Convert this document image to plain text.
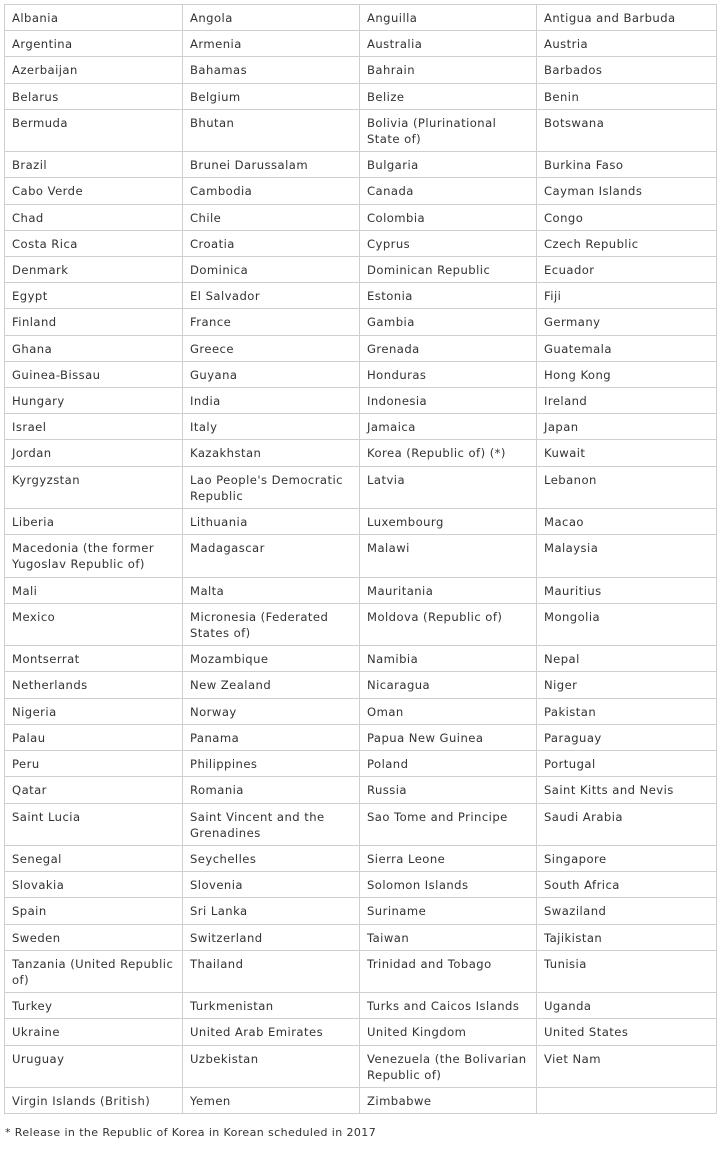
Albania	Angola	Anguilla	Antigua and Barbuda
Argentina	Armenia	Australia	Austria
Azerbaijan	Bahamas	Bahrain	Barbados
Belarus	Belgium	Belize	Benin
Bermuda	Bhutan	Bolivia (Plurinational State of)	Botswana
Brazil	Brunei Darussalam	Bulgaria	Burkina Faso
Cabo Verde	Cambodia	Canada	Cayman Islands
Chad	Chile	Colombia	Congo
Costa Rica	Croatia	Cyprus	Czech Republic
Denmark	Dominica	Dominican Republic	Ecuador
Egypt	El Salvador	Estonia	Fiji
Finland	France	Gambia	Germany
Ghana	Greece	Grenada	Guatemala
Guinea-Bissau	Guyana	Honduras	Hong Kong
Hungary	India	Indonesia	Ireland
Israel	Italy	Jamaica	Japan
Jordan	Kazakhstan	Korea (Republic of) (*)	Kuwait
Kyrgyzstan	Lao People's Democratic Republic	Latvia	Lebanon
Liberia	Lithuania	Luxembourg	Macao
Macedonia (the former Yugoslav Republic of)	Madagascar	Malawi	Malaysia
Mali	Malta	Mauritania	Mauritius
Mexico	Micronesia (Federated States of)	Moldova (Republic of)	Mongolia
Montserrat	Mozambique	Namibia	Nepal
Netherlands	New Zealand	Nicaragua	Niger
Nigeria	Norway	Oman	Pakistan
Palau	Panama	Papua New Guinea	Paraguay
Peru	Philippines	Poland	Portugal
Qatar	Romania	Russia	Saint Kitts and Nevis
Saint Lucia	Saint Vincent and the Grenadines	Sao Tome and Principe	Saudi Arabia
Senegal	Seychelles	Sierra Leone	Singapore
Slovakia	Slovenia	Solomon Islands	South Africa
Spain	Sri Lanka	Suriname	Swaziland
Sweden	Switzerland	Taiwan	Tajikistan
Tanzania (United Republic of)	Thailand	Trinidad and Tobago	Tunisia
Turkey	Turkmenistan	Turks and Caicos Islands	Uganda
Ukraine	United Arab Emirates	United Kingdom	United States
Uruguay	Uzbekistan	Venezuela (the Bolivarian Republic of)	Viet Nam
Virgin Islands (British)	Yemen	Zimbabwe	
* Release in the Republic of Korea in Korean scheduled in 2017
